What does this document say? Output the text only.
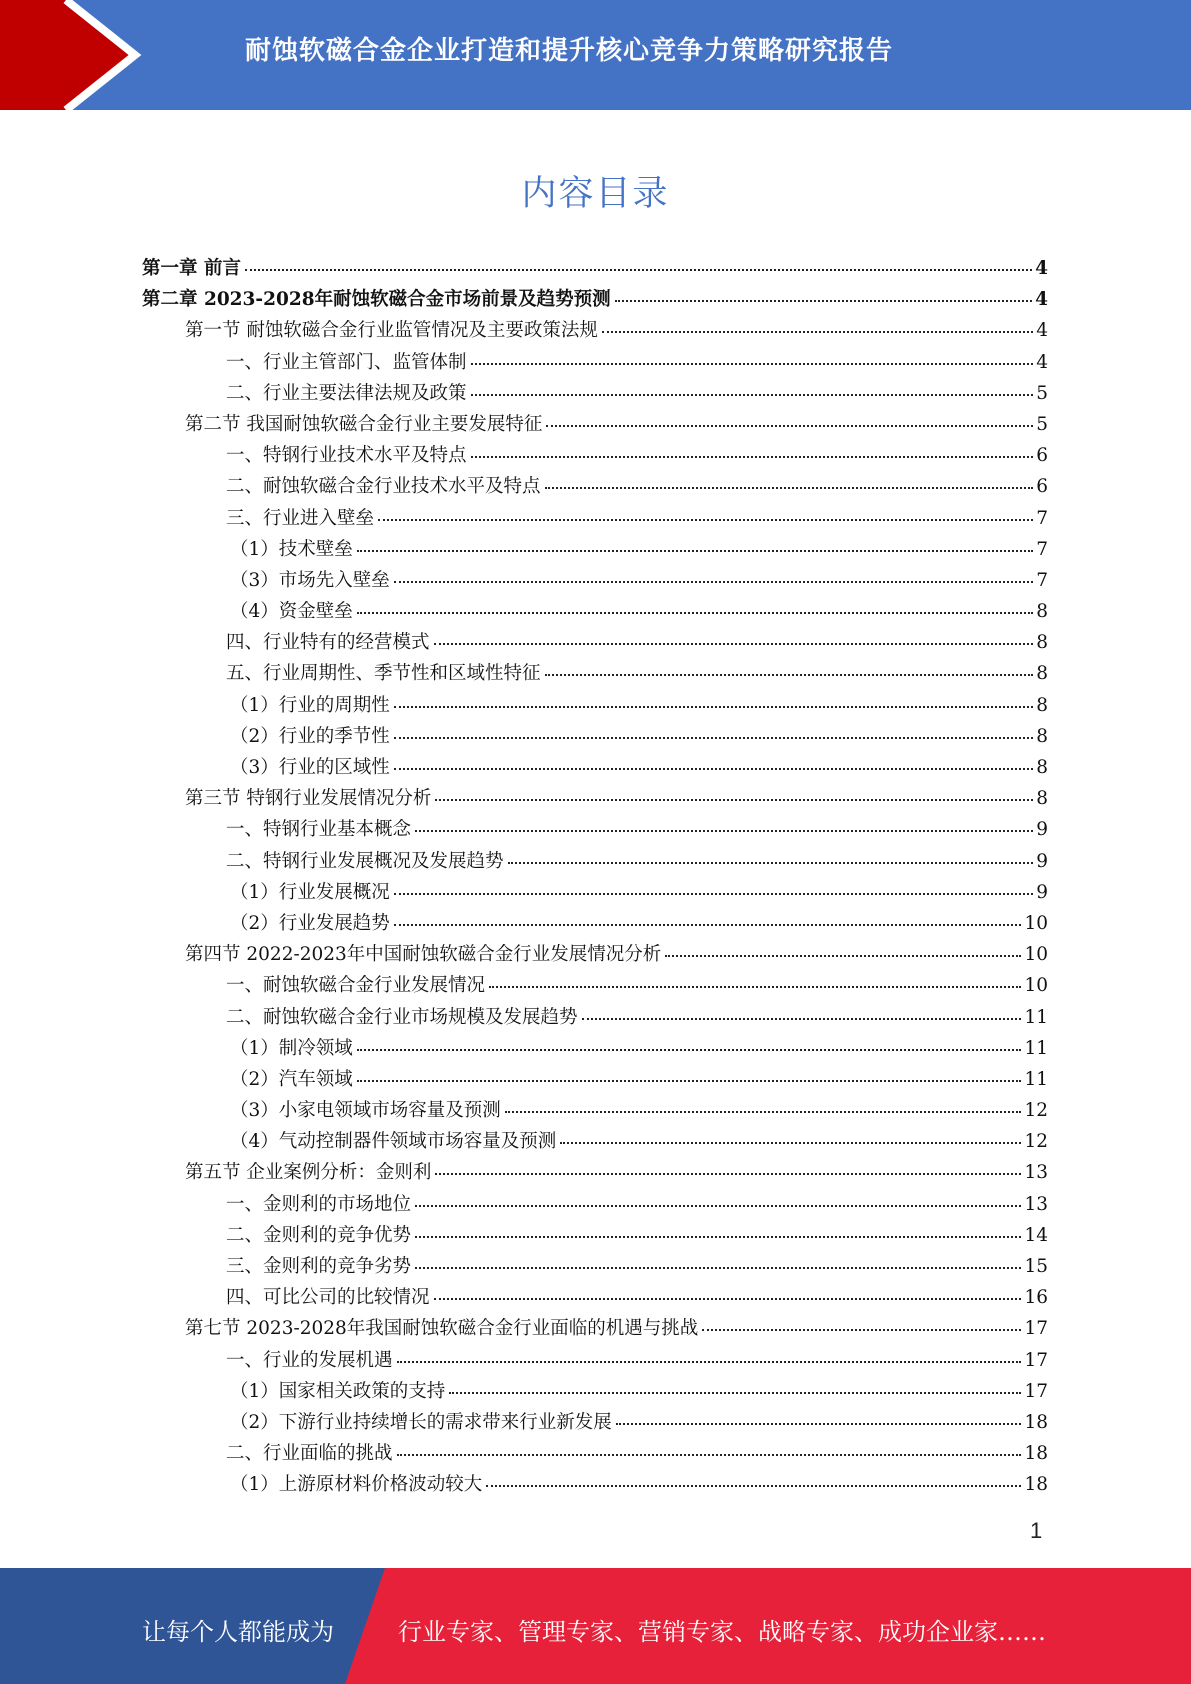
耐蚀软磁合金企业打造和提升核心竞争力策略研究报告
内容目录
第一章 前言	4
第二章 2023-2028年耐蚀软磁合金市场前景及趋势预测	4
第一节 耐蚀软磁合金行业监管情况及主要政策法规	4
一、行业主管部门、监管体制	4
二、行业主要法律法规及政策	5
第二节 我国耐蚀软磁合金行业主要发展特征	5
一、特钢行业技术水平及特点	6
二、耐蚀软磁合金行业技术水平及特点	6
三、行业进入壁垒	7
（1）技术壁垒	7
（3）市场先入壁垒	7
（4）资金壁垒	8
四、行业特有的经营模式	8
五、行业周期性、季节性和区域性特征	8
（1）行业的周期性	8
（2）行业的季节性	8
（3）行业的区域性	8
第三节 特钢行业发展情况分析	8
一、特钢行业基本概念	9
二、特钢行业发展概况及发展趋势	9
（1）行业发展概况	9
（2）行业发展趋势	10
第四节 2022-2023年中国耐蚀软磁合金行业发展情况分析	10
一、耐蚀软磁合金行业发展情况	10
二、耐蚀软磁合金行业市场规模及发展趋势	11
（1）制冷领域	11
（2）汽车领域	11
（3）小家电领域市场容量及预测	12
（4）气动控制器件领域市场容量及预测	12
第五节 企业案例分析：金则利	13
一、金则利的市场地位	13
二、金则利的竞争优势	14
三、金则利的竞争劣势	15
四、可比公司的比较情况	16
第七节 2023-2028年我国耐蚀软磁合金行业面临的机遇与挑战	17
一、行业的发展机遇	17
（1）国家相关政策的支持	17
（2）下游行业持续增长的需求带来行业新发展	18
二、行业面临的挑战	18
（1）上游原材料价格波动较大	18
1
让每个人都能成为	行业专家、管理专家、营销专家、战略专家、成功企业家……
